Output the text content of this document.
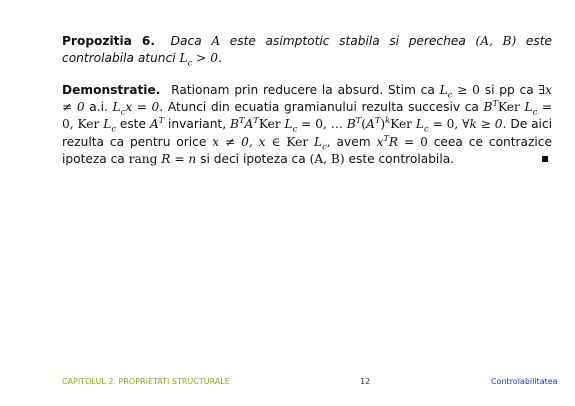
Propozitia 6. Daca A este asimptotic stabila si perechea (A, B) este controlabila atunci $L_c > 0$.

Demonstratie. Rationam prin reducere la absurd. Stim ca $L_c \ge 0$ si pp ca ∃x ≠ 0 a.i. $L_cx = 0$. Atunci din ecuatia gramianului rezulta succesiv ca $B^TKer$ $L_c = 0$, Ker $L_c$ este $A^T$ invariant, $B^TA^TKer$ $L_c = 0$, … $B^T(A^T)^kKer$ $L_c = 0$, ∀k ≥ 0. De aici rezulta ca pentru orice x ≠ 0, x ∈ Ker $L_c$, avem $x^TR = 0$ ceea ce contrazice ipoteza ca rang R = n si deci ipoteza ca (A, B) este controlabila.

CAPITOLUL 2. PROPRIETATI STRUCTURALE	12	Controlabilitatea
